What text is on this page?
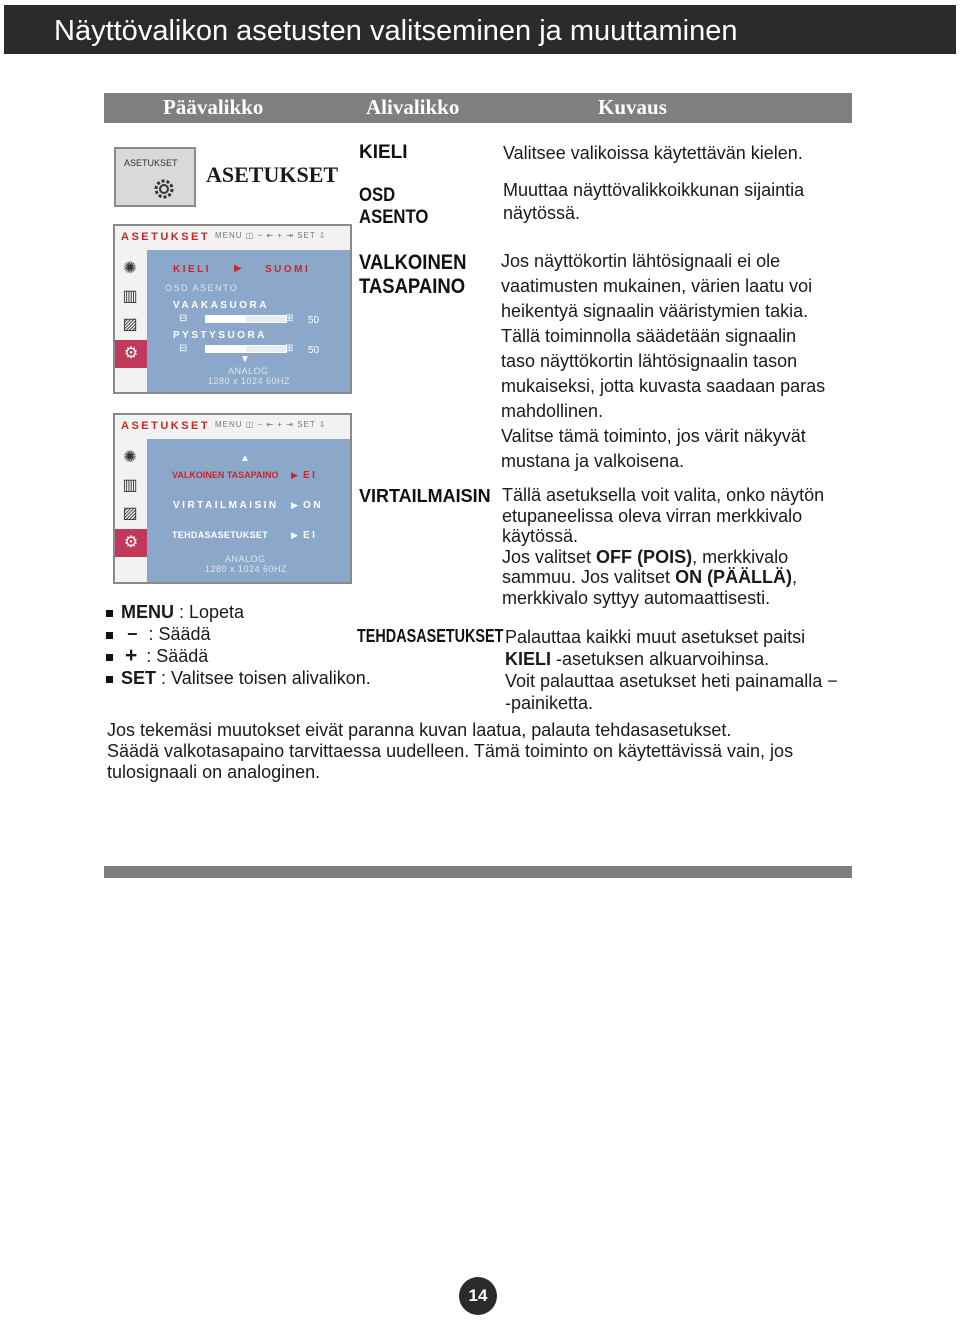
Näyttövalikon asetusten valitseminen ja muuttaminen
Päävalikko	Alivalikko	Kuvaus
ASETUKSET ASETUKSET
ASETUKSET MENU ◫ − ⇤ + ⇥ SET ⇩
✺
▥
▨
⚙
KIELI ▶ SUOMI
OSD ASENTO
VAAKASUORA
⊟	⊞ 50
PYSTYSUORA
⊟	⊞ 50
▼
ANALOG
1280 x 1024 60HZ
ASETUKSET MENU ◫ − ⇤ + ⇥ SET ⇩
✺
▥
▨
⚙
▲
VALKOINEN TASAPAINO ▶ EI
VIRTAILMAISIN ▶ ON
TEHDASASETUKSET	▶ EI
ANALOG
1280 x 1024 60HZ
KIELI
OSD
ASENTO
VALKOINEN
TASAPAINO
VIRTAILMAISIN
TEHDASASETUKSET
Valitsee valikoissa käytettävän kielen.
Muuttaa näyttövalikkoikkunan sijaintia
näytössä.
Jos näyttökortin lähtösignaali ei ole
vaatimusten mukainen, värien laatu voi
heikentyä signaalin vääristymien takia.
Tällä toiminnolla säädetään signaalin
taso näyttökortin lähtösignaalin tason
mukaiseksi, jotta kuvasta saadaan paras
mahdollinen.
Valitse tämä toiminto, jos värit näkyvät
mustana ja valkoisena.
Tällä asetuksella voit valita, onko näytön
etupaneelissa oleva virran merkkivalo
käytössä.
Jos valitset OFF (POIS), merkkivalo
sammuu. Jos valitset ON (PÄÄLLÄ),
merkkivalo syttyy automaattisesti.
Palauttaa kaikki muut asetukset paitsi
KIELI -asetuksen alkuarvoihinsa.
Voit palauttaa asetukset heti painamalla −
-painiketta.
MENU : Lopeta
− : Säädä
+ : Säädä
SET : Valitsee toisen alivalikon.
Jos tekemäsi muutokset eivät paranna kuvan laatua, palauta tehdasasetukset.
Säädä valkotasapaino tarvittaessa uudelleen. Tämä toiminto on käytettävissä vain, jos
tulosignaali on analoginen.
14
